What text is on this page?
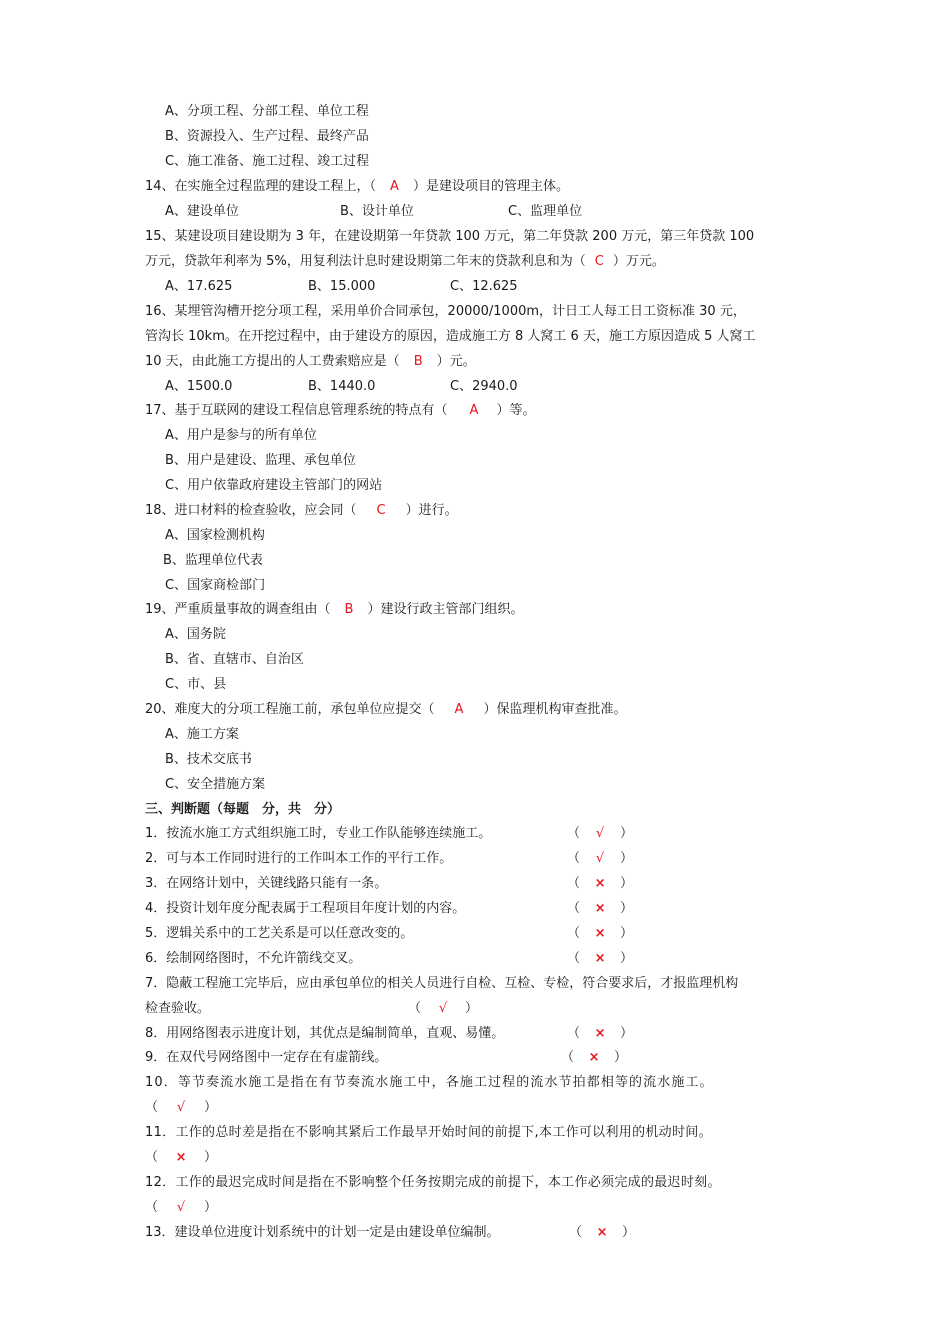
A、分项工程、分部工程、单位工程
B、资源投入、生产过程、最终产品
C、施工准备、施工过程、竣工过程
14、在实施全过程监理的建设工程上，（ A ）是建设项目的管理主体。
A、建设单位	B、设计单位	C、监理单位
15、某建设项目建设期为 3 年，在建设期第一年贷款 100 万元，第二年贷款 200 万元，第三年贷款 100
万元，贷款年利率为 5%，用复利法计息时建设期第二年末的贷款利息和为（ C ）万元。
A、17.625	B、15.000	C、12.625
16、某埋管沟槽开挖分项工程，采用单价合同承包，20000/1000m，计日工人每工日工资标准 30 元，
管沟长 10km。在开挖过程中，由于建设方的原因，造成施工方 8 人窝工 6 天，施工方原因造成 5 人窝工
10 天，由此施工方提出的人工费索赔应是（ B ）元。
A、1500.0	B、1440.0	C、2940.0
17、基于互联网的建设工程信息管理系统的特点有（ A ）等。
A、用户是参与的所有单位
B、用户是建设、监理、承包单位
C、用户依靠政府建设主管部门的网站
18、进口材料的检查验收，应会同（ C ）进行。
A、国家检测机构
B、监理单位代表
C、国家商检部门
19、严重质量事故的调查组由（ B ）建设行政主管部门组织。
A、国务院
B、省、直辖市、自治区
C、市、县
20、难度大的分项工程施工前，承包单位应提交（ A ）保监理机构审查批准。
A、施工方案
B、技术交底书
C、安全措施方案
三、判断题（每题　分，共　分）
1．按流水施工方式组织施工时，专业工作队能够连续施工。	（ √ ）
2．可与本工作同时进行的工作叫本工作的平行工作。	（ √ ）
3．在网络计划中，关键线路只能有一条。	（ × ）
4．投资计划年度分配表属于工程项目年度计划的内容。	（ × ）
5．逻辑关系中的工艺关系是可以任意改变的。	（ × ）
6．绘制网络图时，不允许箭线交叉。	（ × ）
7．隐蔽工程施工完毕后，应由承包单位的相关人员进行自检、互检、专检，符合要求后，才报监理机构
检查验收。	（ √ ）
8．用网络图表示进度计划，其优点是编制简单，直观、易懂。	（ × ）
9．在双代号网络图中一定存在有虚箭线。	（ × ）
10．等节奏流水施工是指在有节奏流水施工中，各施工过程的流水节拍都相等的流水施工。
（ √ ）
11．工作的总时差是指在不影响其紧后工作最早开始时间的前提下,本工作可以利用的机动时间。
（ × ）
12．工作的最迟完成时间是指在不影响整个任务按期完成的前提下，本工作必须完成的最迟时刻。
（ √ ）
13．建设单位进度计划系统中的计划一定是由建设单位编制。	（ × ）
